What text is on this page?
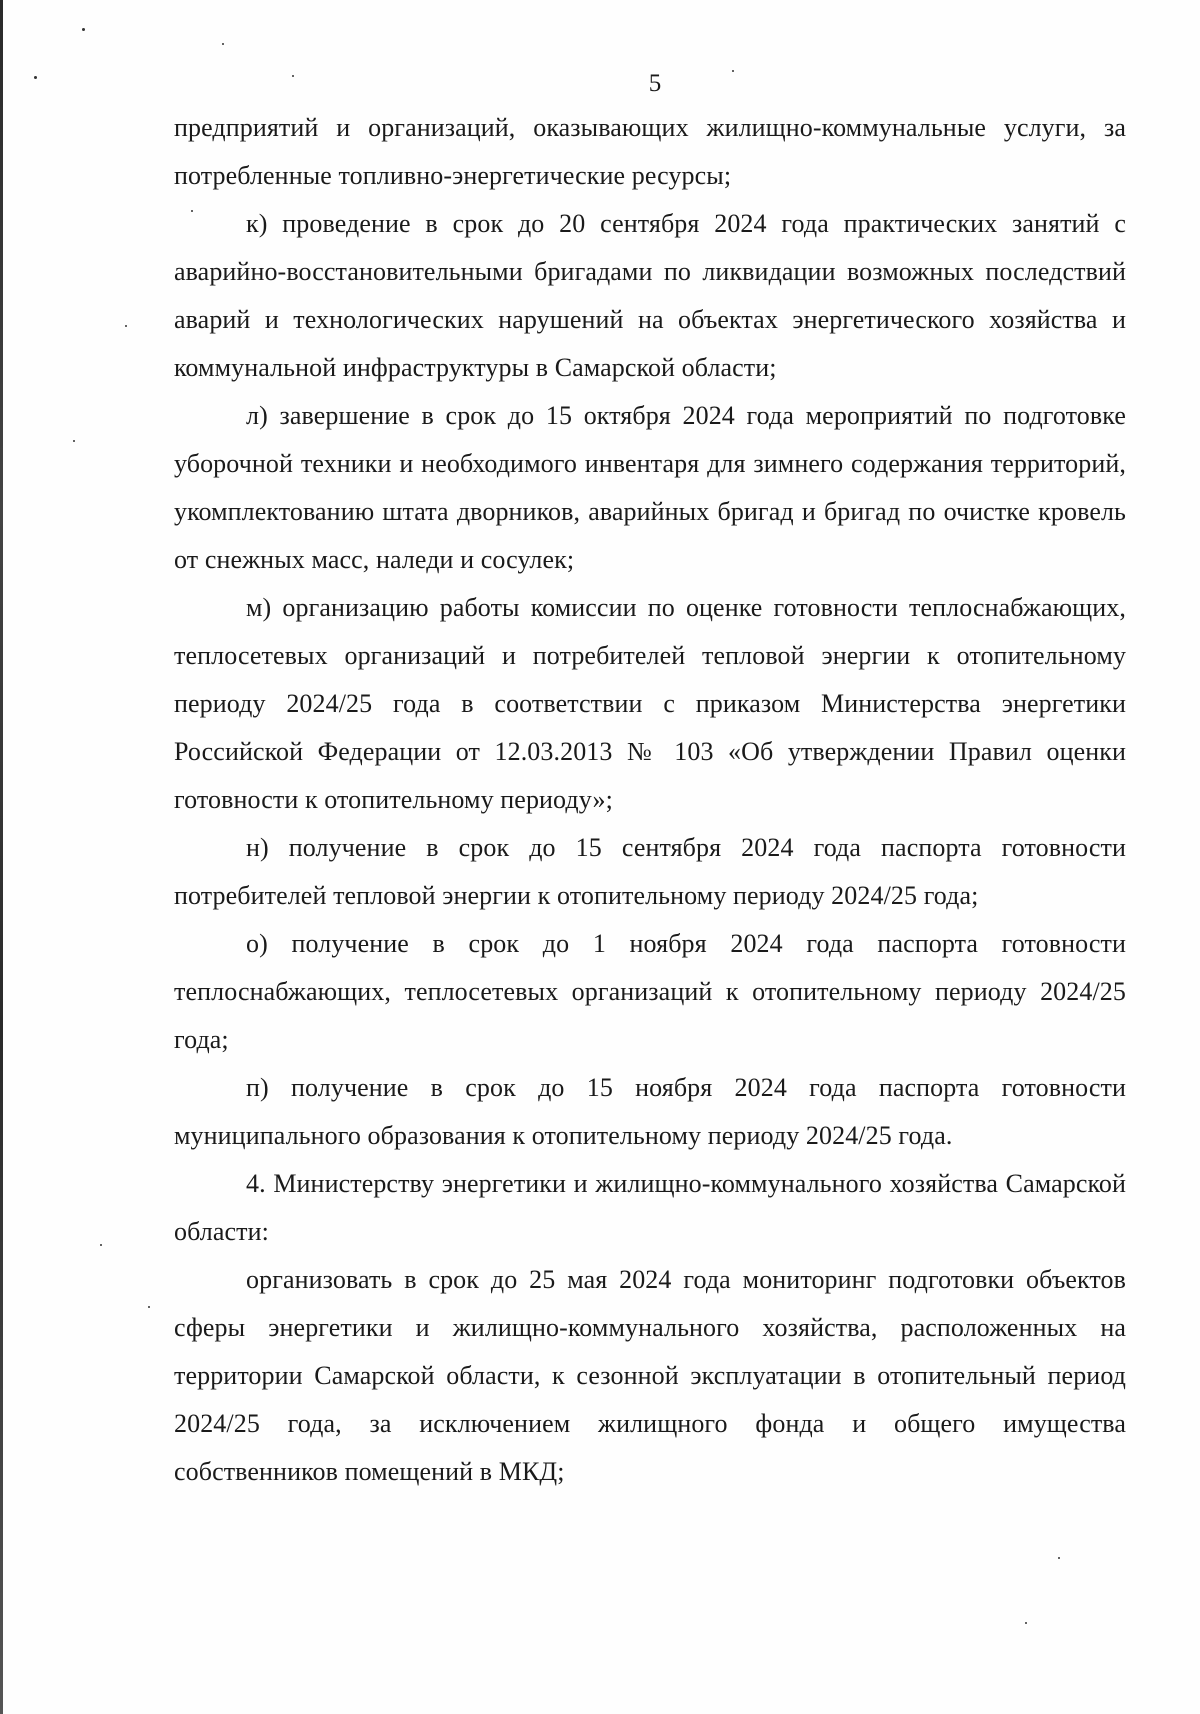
5

предприятий и организаций, оказывающих жилищно-коммунальные услуги, за потребленные топливно-энергетические ресурсы;

к) проведение в срок до 20 сентября 2024 года практических занятий с аварийно-восстановительными бригадами по ликвидации возможных последствий аварий и технологических нарушений на объектах энергетического хозяйства и коммунальной инфраструктуры в Самарской области;

л) завершение в срок до 15 октября 2024 года мероприятий по подготовке уборочной техники и необходимого инвентаря для зимнего содержания территорий, укомплектованию штата дворников, аварийных бригад и бригад по очистке кровель от снежных масс, наледи и сосулек;

м) организацию работы комиссии по оценке готовности теплоснабжающих, теплосетевых организаций и потребителей тепловой энергии к отопительному периоду 2024/25 года в соответствии с приказом Министерства энергетики Российской Федерации от 12.03.2013 № 103 «Об утверждении Правил оценки готовности к отопительному периоду»;

н) получение в срок до 15 сентября 2024 года паспорта готовности потребителей тепловой энергии к отопительному периоду 2024/25 года;

о) получение в срок до 1 ноября 2024 года паспорта готовности теплоснабжающих, теплосетевых организаций к отопительному периоду 2024/25 года;

п) получение в срок до 15 ноября 2024 года паспорта готовности муниципального образования к отопительному периоду 2024/25 года.

4. Министерству энергетики и жилищно-коммунального хозяйства Самарской области:

организовать в срок до 25 мая 2024 года мониторинг подготовки объектов сферы энергетики и жилищно-коммунального хозяйства, расположенных на территории Самарской области, к сезонной эксплуатации в отопительный период 2024/25 года, за исключением жилищного фонда и общего имущества собственников помещений в МКД;
